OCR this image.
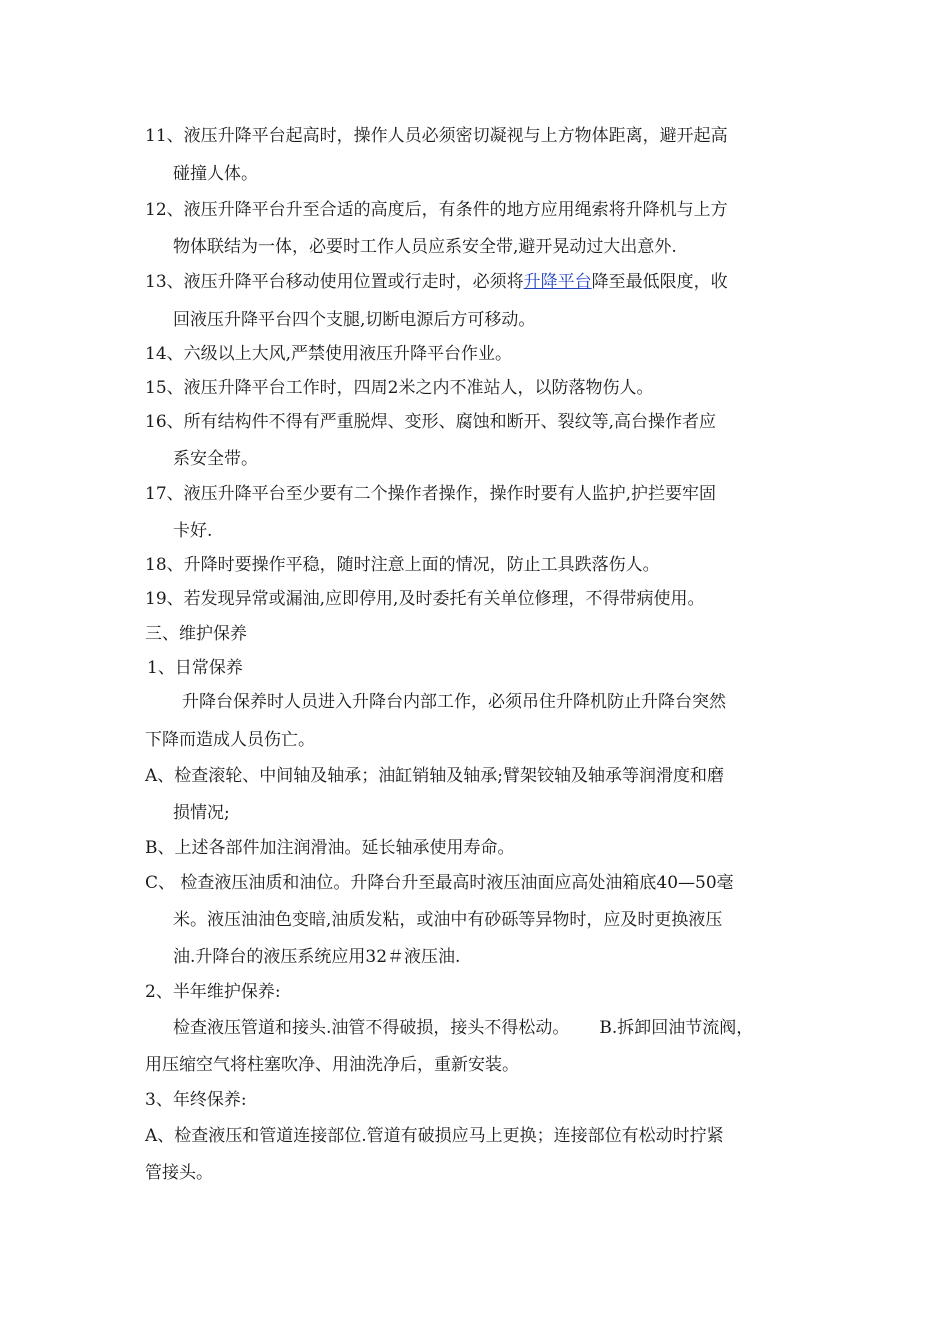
11、液压升降平台起高时，操作人员必须密切凝视与上方物体距离，避开起高
碰撞人体。
12、液压升降平台升至合适的高度后，有条件的地方应用绳索将升降机与上方
物体联结为一体，必要时工作人员应系安全带,避开晃动过大出意外.
13、液压升降平台移动使用位置或行走时，必须将升降平台降至最低限度，收
回液压升降平台四个支腿,切断电源后方可移动。
14、六级以上大风,严禁使用液压升降平台作业。
15、液压升降平台工作时，四周2米之内不准站人，以防落物伤人。
16、所有结构件不得有严重脱焊、变形、腐蚀和断开、裂纹等,高台操作者应
系安全带。
17、液压升降平台至少要有二个操作者操作，操作时要有人监护,护拦要牢固
卡好.
18、升降时要操作平稳，随时注意上面的情况，防止工具跌落伤人。
19、若发现异常或漏油,应即停用,及时委托有关单位修理，不得带病使用。
三、维护保养
1、日常保养
升降台保养时人员进入升降台内部工作，必须吊住升降机防止升降台突然
下降而造成人员伤亡。
A、检查滚轮、中间轴及轴承；油缸销轴及轴承;臂架铰轴及轴承等润滑度和磨
损情况;
B、上述各部件加注润滑油。延长轴承使用寿命。
C、 检查液压油质和油位。升降台升至最高时液压油面应高处油箱底40—50毫
米。液压油油色变暗,油质发粘，或油中有砂砾等异物时，应及时更换液压
油.升降台的液压系统应用32＃液压油.
2、半年维护保养:
检查液压管道和接头.油管不得破损，接头不得松动。 B.拆卸回油节流阀，
用压缩空气将柱塞吹净、用油洗净后，重新安装。
3、年终保养:
A、检查液压和管道连接部位.管道有破损应马上更换；连接部位有松动时拧紧
管接头。
